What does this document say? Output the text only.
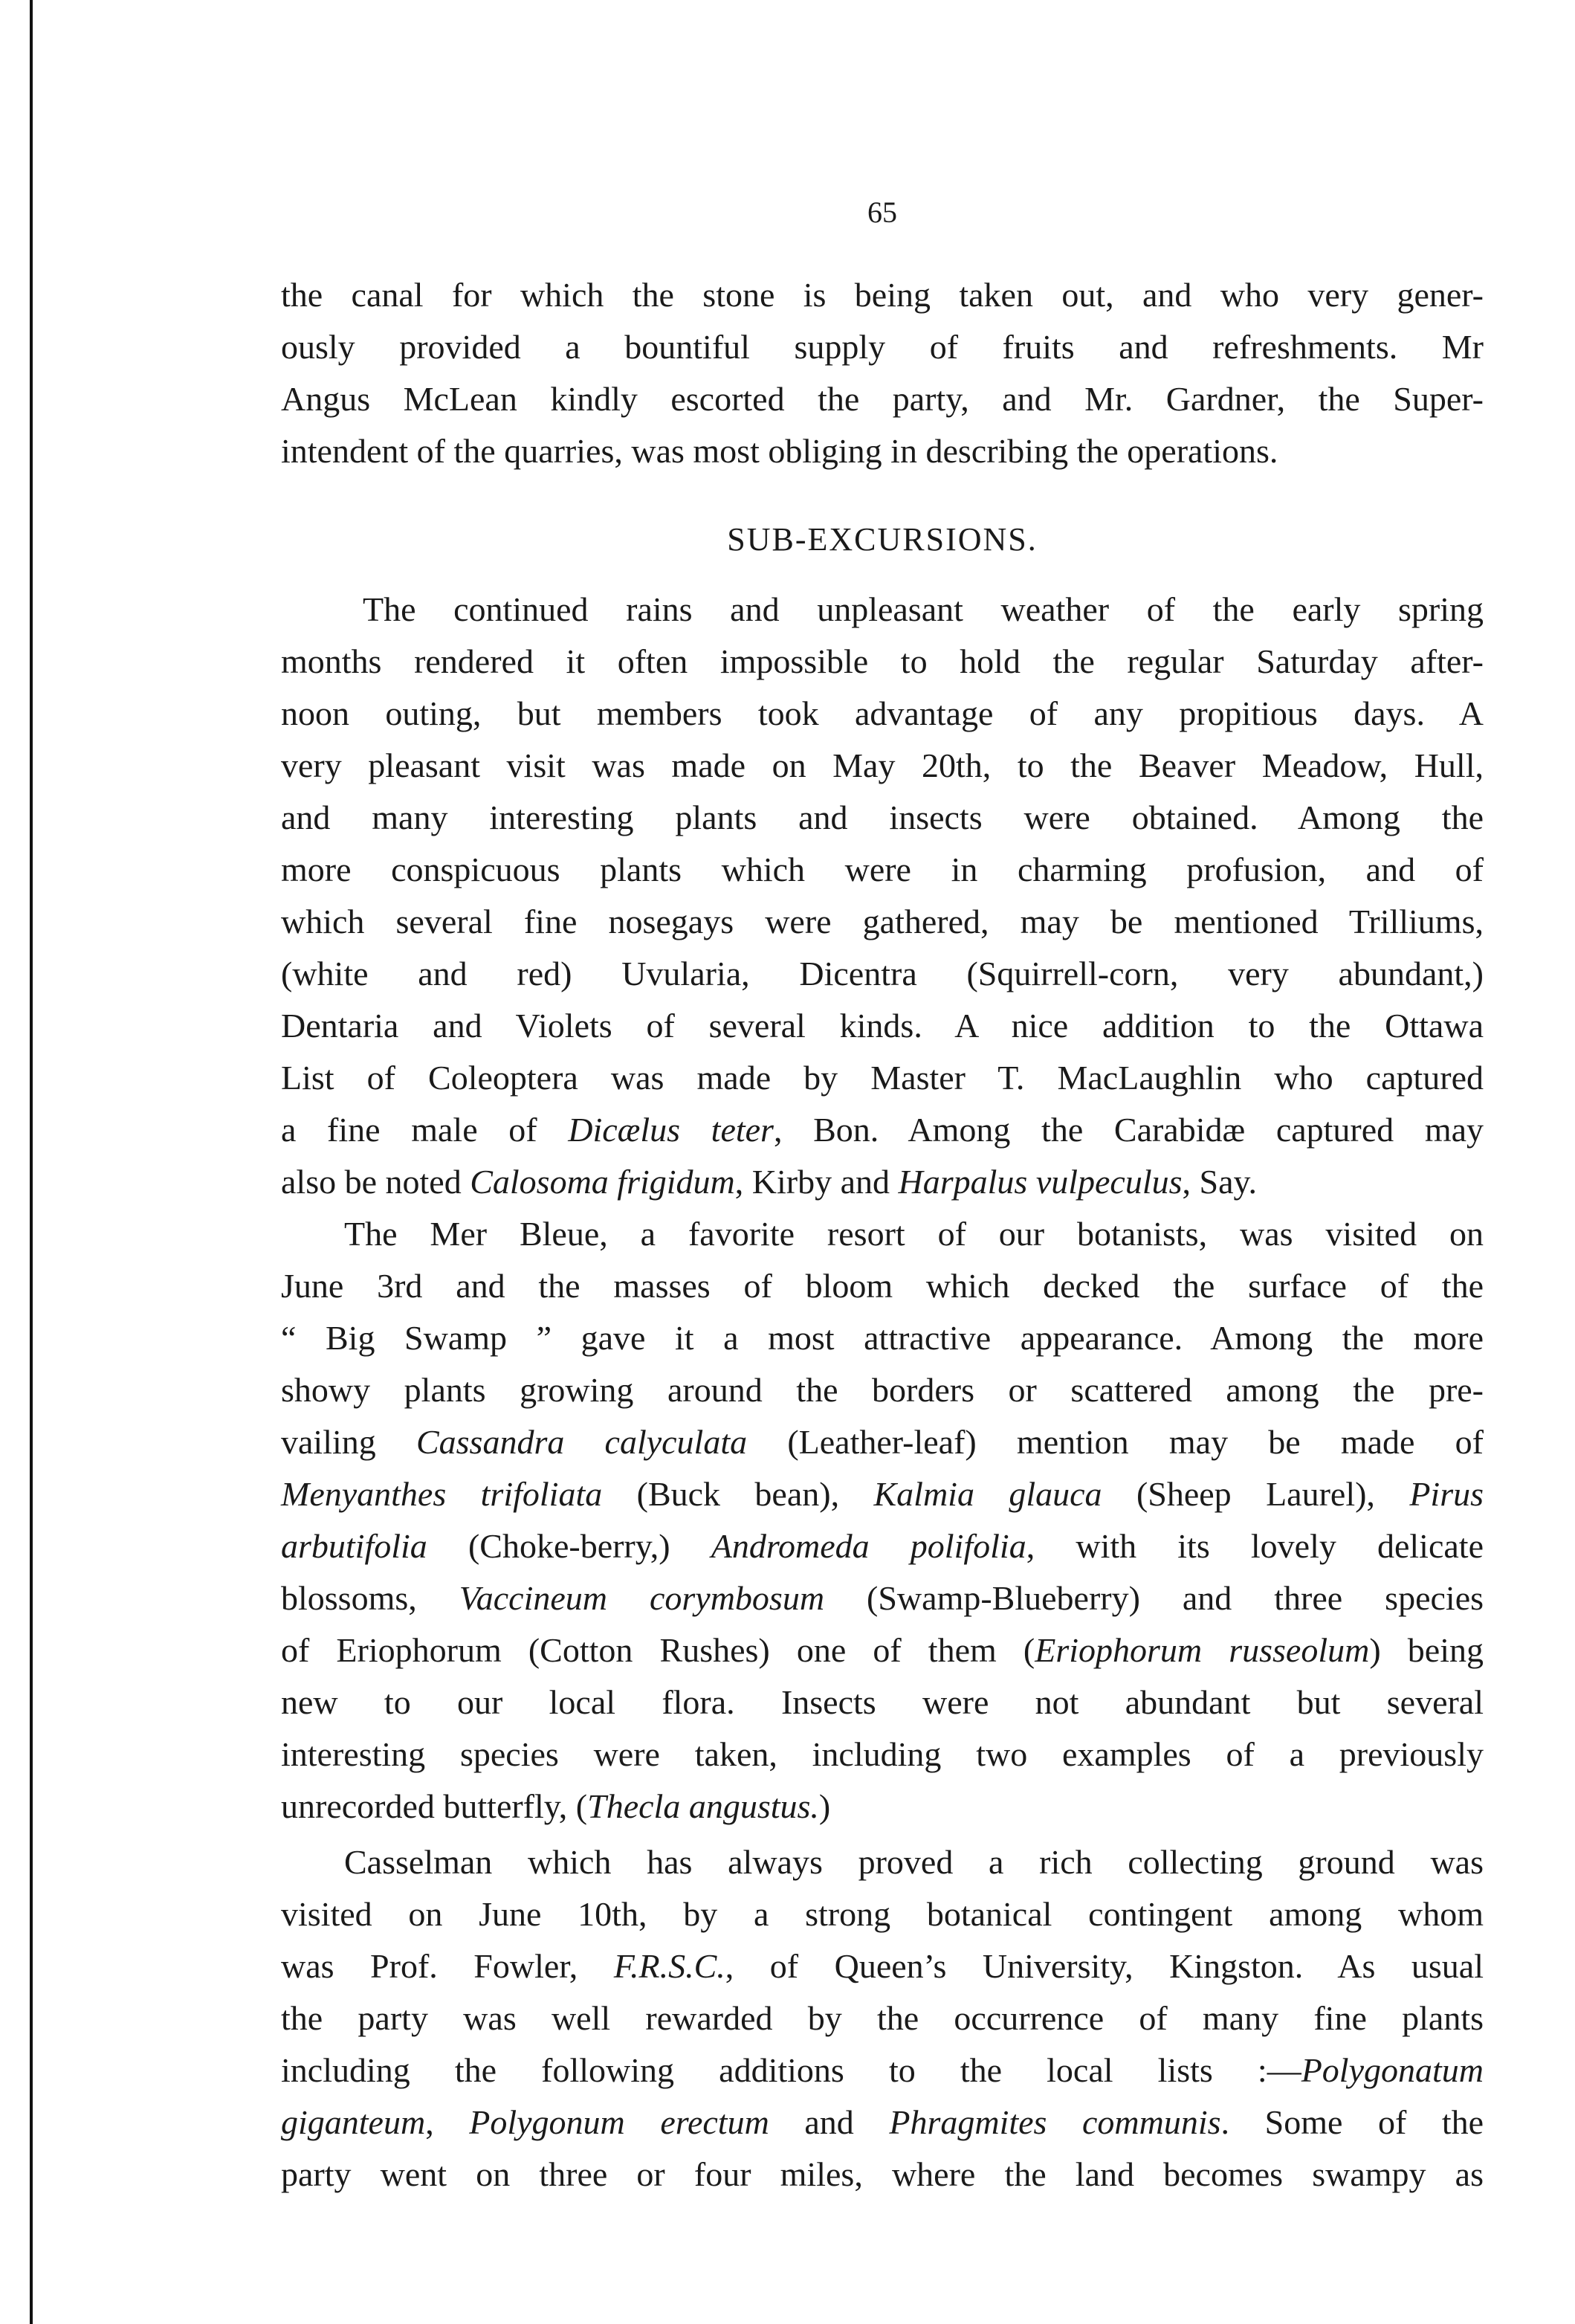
65
the canal for which the stone is being taken out, and who very gener-
ously provided a bountiful supply of fruits and refreshments. Mr
Angus McLean kindly escorted the party, and Mr. Gardner, the Super-
intendent of the quarries, was most obliging in describing the operations.
SUB-EXCURSIONS.
The continued rains and unpleasant weather of the early spring
months rendered it often impossible to hold the regular Saturday after-
noon outing, but members took advantage of any propitious days. A
very pleasant visit was made on May 20th, to the Beaver Meadow, Hull,
and many interesting plants and insects were obtained. Among the
more conspicuous plants which were in charming profusion, and of
which several fine nosegays were gathered, may be mentioned Trilliums,
(white and red) Uvularia, Dicentra (Squirrell-corn, very abundant,)
Dentaria and Violets of several kinds. A nice addition to the Ottawa
List of Coleoptera was made by Master T. MacLaughlin who captured
a fine male of Dicælus teter, Bon. Among the Carabidæ captured may
also be noted Calosoma frigidum, Kirby and Harpalus vulpeculus, Say.
The Mer Bleue, a favorite resort of our botanists, was visited on
June 3rd and the masses of bloom which decked the surface of the
“ Big Swamp ” gave it a most attractive appearance. Among the more
showy plants growing around the borders or scattered among the pre-
vailing Cassandra calyculata (Leather-leaf) mention may be made of
Menyanthes trifoliata (Buck bean), Kalmia glauca (Sheep Laurel), Pirus
arbutifolia (Choke-berry,) Andromeda polifolia, with its lovely delicate
blossoms, Vaccineum corymbosum (Swamp-Blueberry) and three species
of Eriophorum (Cotton Rushes) one of them (Eriophorum russeolum) being
new to our local flora. Insects were not abundant but several
interesting species were taken, including two examples of a previously
unrecorded butterfly, (Thecla angustus.)
Casselman which has always proved a rich collecting ground was
visited on June 10th, by a strong botanical contingent among whom
was Prof. Fowler, F.R.S.C., of Queen’s University, Kingston. As usual
the party was well rewarded by the occurrence of many fine plants
including the following additions to the local lists :—Polygonatum
giganteum, Polygonum erectum and Phragmites communis. Some of the
party went on three or four miles, where the land becomes swampy as
